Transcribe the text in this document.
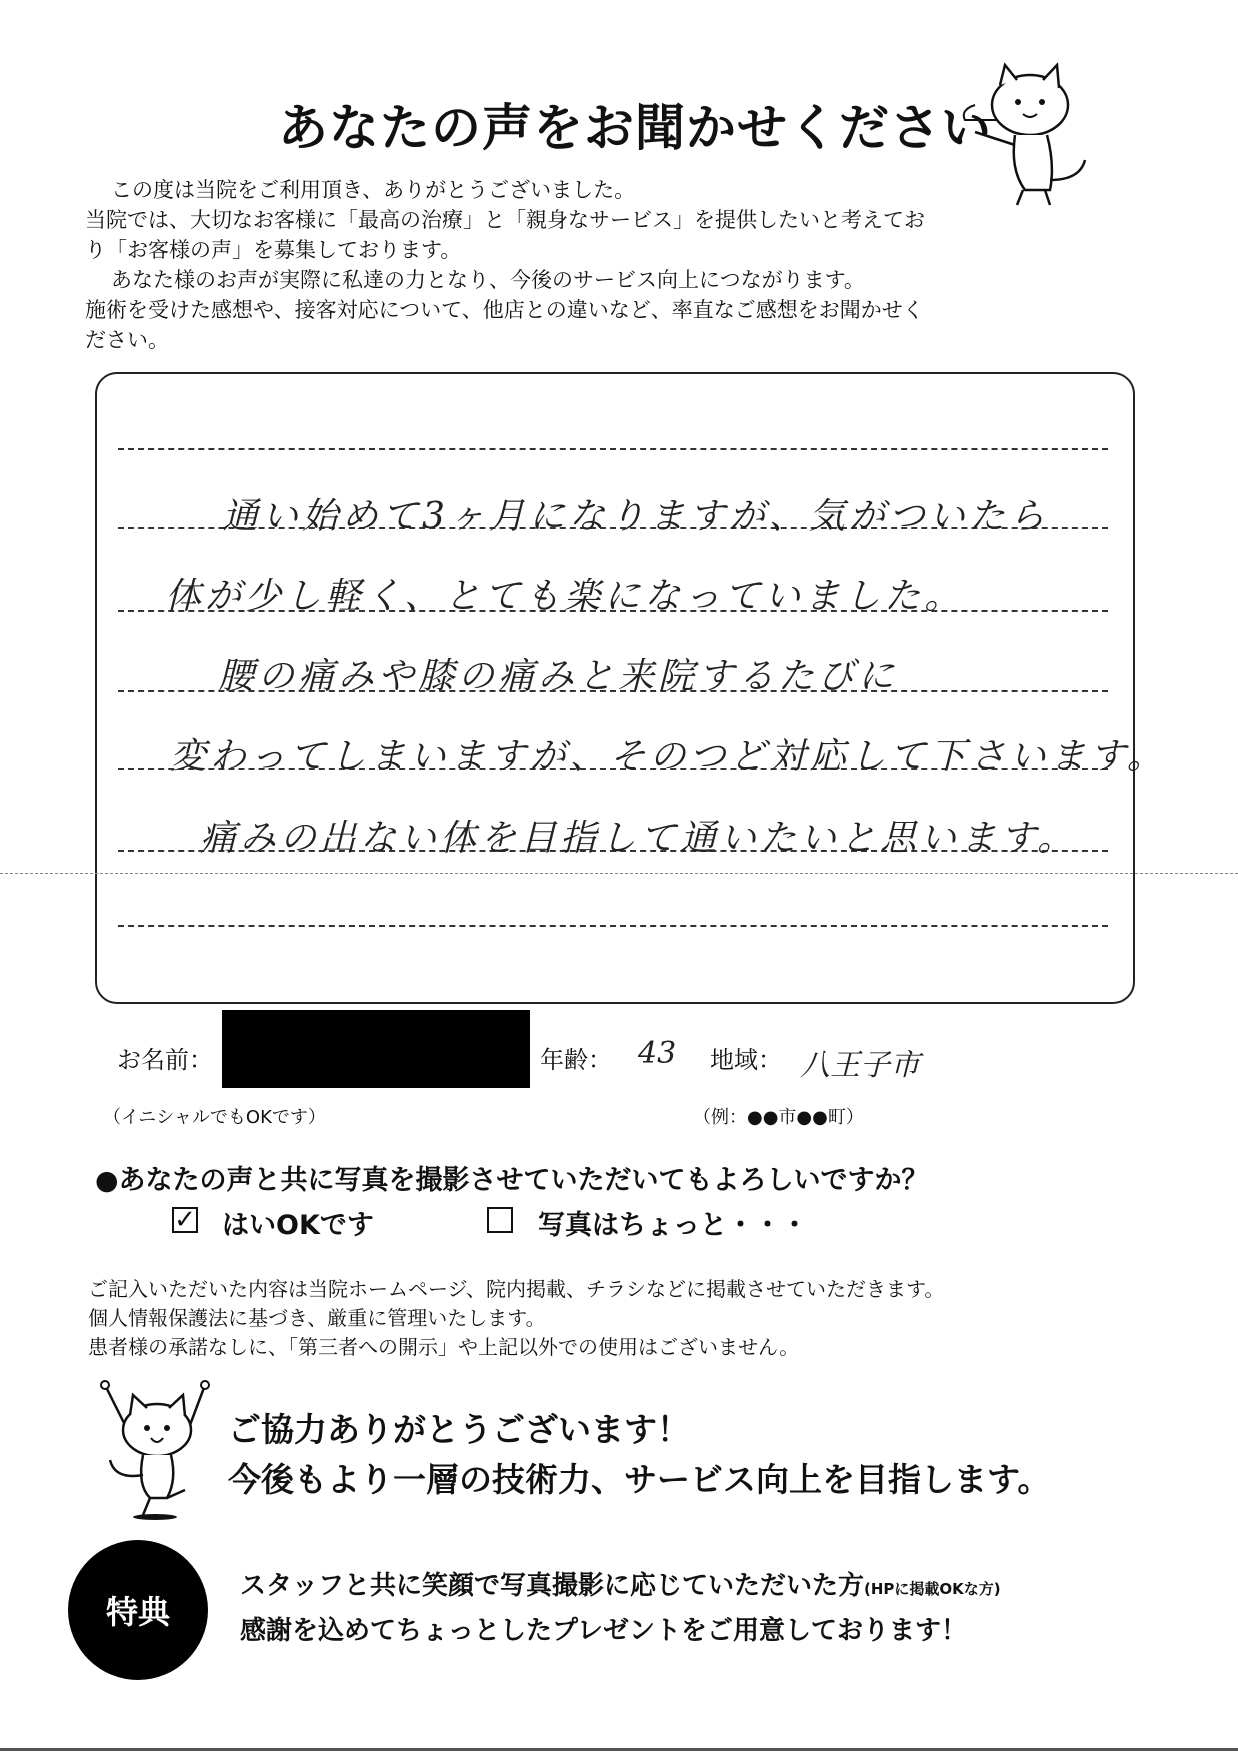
あなたの声をお聞かせください

この度は当院をご利用頂き、ありがとうございました。

当院では、大切なお客様に「最高の治療」と「親身なサービス」を提供したいと考えてお

り「お客様の声」を募集しております。

あなた様のお声が実際に私達の力となり、今後のサービス向上につながります。

施術を受けた感想や、接客対応について、他店との違いなど、率直なご感想をお聞かせく

ださい。

通い始めて3ヶ月になりますが、気がついたら
体が少し軽く、とても楽になっていました。
腰の痛みや膝の痛みと来院するたびに
変わってしまいますが、そのつど対応して下さいます。
痛みの出ない体を目指して通いたいと思います。
お名前：	年齢： 43 地域： 八王子市
（イニシャルでもOKです）	（例：●●市●●町）
●あなたの声と共に写真を撮影させていただいてもよろしいですか？
✓ はいOKです	写真はちょっと・・・

ご記入いただいた内容は当院ホームページ、院内掲載、チラシなどに掲載させていただきます。

個人情報保護法に基づき、厳重に管理いたします。

患者様の承諾なしに、「第三者への開示」や上記以外での使用はございません。

ご協力ありがとうございます！

今後もより一層の技術力、サービス向上を目指します。

特典

スタッフと共に笑顔で写真撮影に応じていただいた方(HPに掲載OKな方)

感謝を込めてちょっとしたプレゼントをご用意しております！
